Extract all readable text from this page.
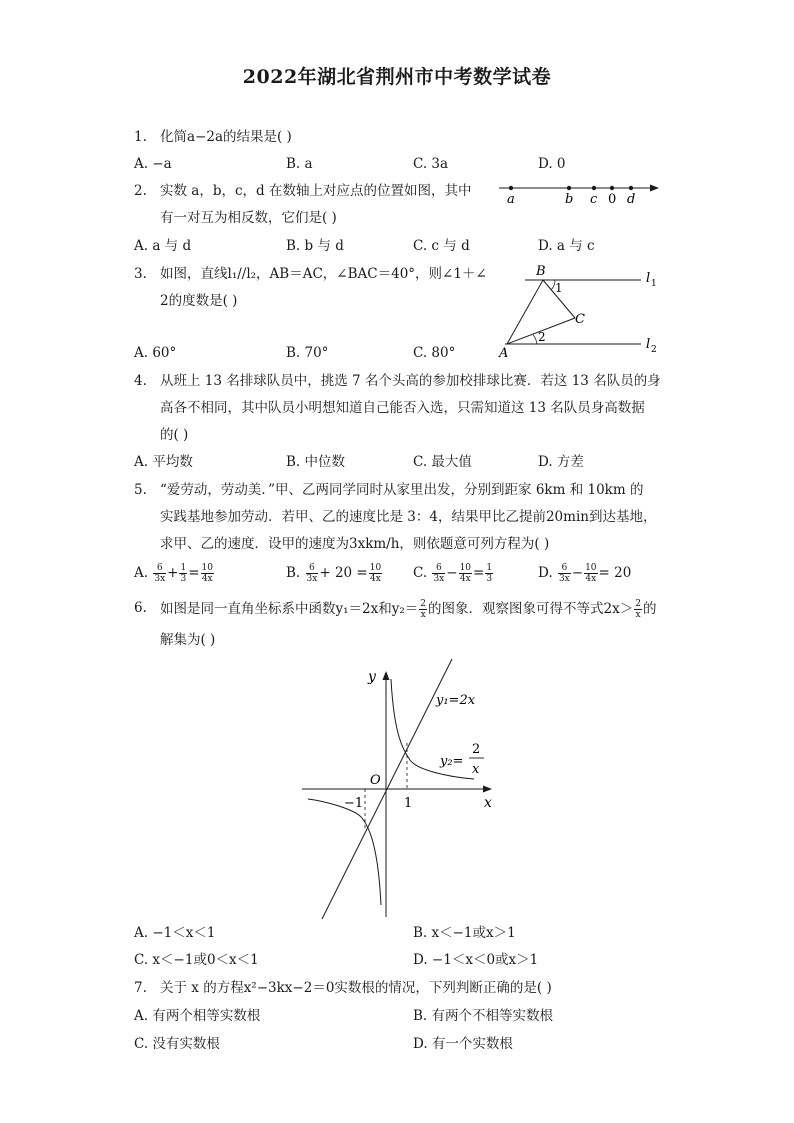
2022年湖北省荆州市中考数学试卷
1. 化简a−2a的结果是( )
A. −a	B. a	C. 3a	D. 0
2. 实数 a，b，c，d 在数轴上对应点的位置如图，其中
有一对互为相反数，它们是( )
a	b c 0 d
A. a 与 d	B. b 与 d	C. c 与 d	D. a 与 c
3. 如图，直线l₁//l₂，AB＝AC，∠BAC＝40°，则∠1＋∠
2的度数是( )
B
1
C
2
A
l 1
l 2
A. 60°	B. 70°	C. 80°
4. 从班上 13 名排球队员中，挑选 7 名个头高的参加校排球比赛．若这 13 名队员的身
高各不相同，其中队员小明想知道自己能否入选，只需知道这 13 名队员身高数据
的( )
A. 平均数	B. 中位数	C. 最大值	D. 方差
5. “爱劳动，劳动美．”甲、乙两同学同时从家里出发，分别到距家 6km 和 10km 的
实践基地参加劳动．若甲、乙的速度比是 3：4，结果甲比乙提前20min到达基地，
求甲、乙的速度．设甲的速度为3xkm/h，则依题意可列方程为( )
A. $\frac{6}{3x} + \frac{1}{3} = \frac{10}{4x}$	B. $\frac{6}{3x} + 20 = \frac{10}{4x} C$. $\frac{6}{3x} - \frac{10}{4x} = \frac{1}{3}$	D. $\frac{6}{3x} - \frac{10}{4x} = 20$
6. 如图是同一直角坐标系中函数y₁＝2x和$y_2= \frac{2}{x}$ 的图象．观察图象可得不等式$2x> \frac{2}{x}$ 的
解集为( )
y
x
O
−1	1
y₁=2x
y₂=
2
x
A. −1＜x＜1	B. x＜−1或x＞1
C. x＜−1或0＜x＜1	D. −1＜x＜0或x＞1
7. 关于 x 的方程x²−3kx−2＝0实数根的情况，下列判断正确的是( )
A. 有两个相等实数根	B. 有两个不相等实数根
C. 没有实数根	D. 有一个实数根
